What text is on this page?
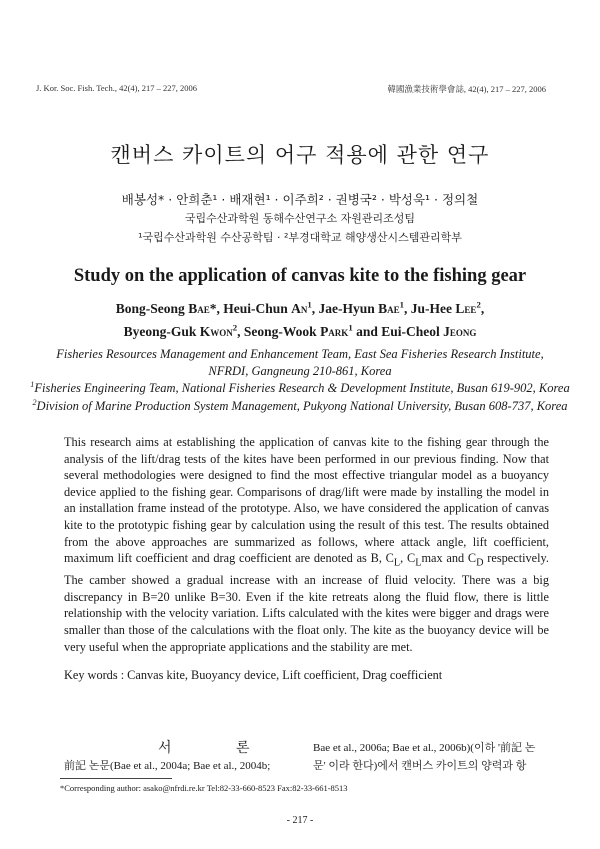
J. Kor. Soc. Fish. Tech., 42(4), 217 – 227, 2006	韓國漁業技術學會誌, 42(4), 217 – 227, 2006
캔버스 카이트의 어구 적용에 관한 연구
배봉성* · 안희춘¹ · 배재현¹ · 이주희² · 권병국² · 박성욱¹ · 정의철
국립수산과학원 동해수산연구소 자원관리조성팀
¹국립수산과학원 수산공학팀 · ²부경대학교 해양생산시스템관리학부
Study on the application of canvas kite to the fishing gear
Bong-Seong Bae*, Heui-Chun An$^1$, Jae-Hyun Bae$^1$, Ju-Hee Lee$^2$,
Byeong-Guk Kwon$^2$, Seong-Wook Park$^1$ and Eui-Cheol Jeong
Fisheries Resources Management and Enhancement Team, East Sea Fisheries Research Institute,
NFRDI, Gangneung 210-861, Korea
$^1$Fisheries Engineering Team, National Fisheries Research & Development Institute, Busan 619-902, Korea
$^2$Division of Marine Production System Management, Pukyong National University, Busan 608-737, Korea
This research aims at establishing the application of canvas kite to the fishing gear through the analysis of the lift/drag tests of the kites have been performed in our previous finding. Now that several methodologies were designed to find the most effective triangular model as a buoyancy device applied to the fishing gear. Comparisons of drag/lift were made by installing the model in an installation frame instead of the prototype. Also, we have considered the application of canvas kite to the prototypic fishing gear by calculation using the result of this test. The results obtained from the above approaches are summarized as follows, where attack angle, lift coefficient, maximum lift coefficient and drag coefficient are denoted as B, $C_L$, $C_L\max$ and $C_D$ respectively. The camber showed a gradual increase with an increase of fluid velocity. There was a big discrepancy in B=20 unlike B=30. Even if the kite retreats along the fluid flow, there is little relationship with the velocity variation. Lifts calculated with the kites were bigger and drags were smaller than those of the calculations with the float only. The kite as the buoyancy device will be very useful when the appropriate applications and the stability are met.
Key words : Canvas kite, Buoyancy device, Lift coefficient, Drag coefficient
서 론
前記 논문(Bae et al., 2004a; Bae et al., 2004b;
Bae et al., 2006a; Bae et al., 2006b)(이하 '前記 논
문' 이라 한다)에서 캔버스 카이트의 양력과 항
*Corresponding author: asako@nfrdi.re.kr Tel:82-33-660-8523 Fax:82-33-661-8513
- 217 -
